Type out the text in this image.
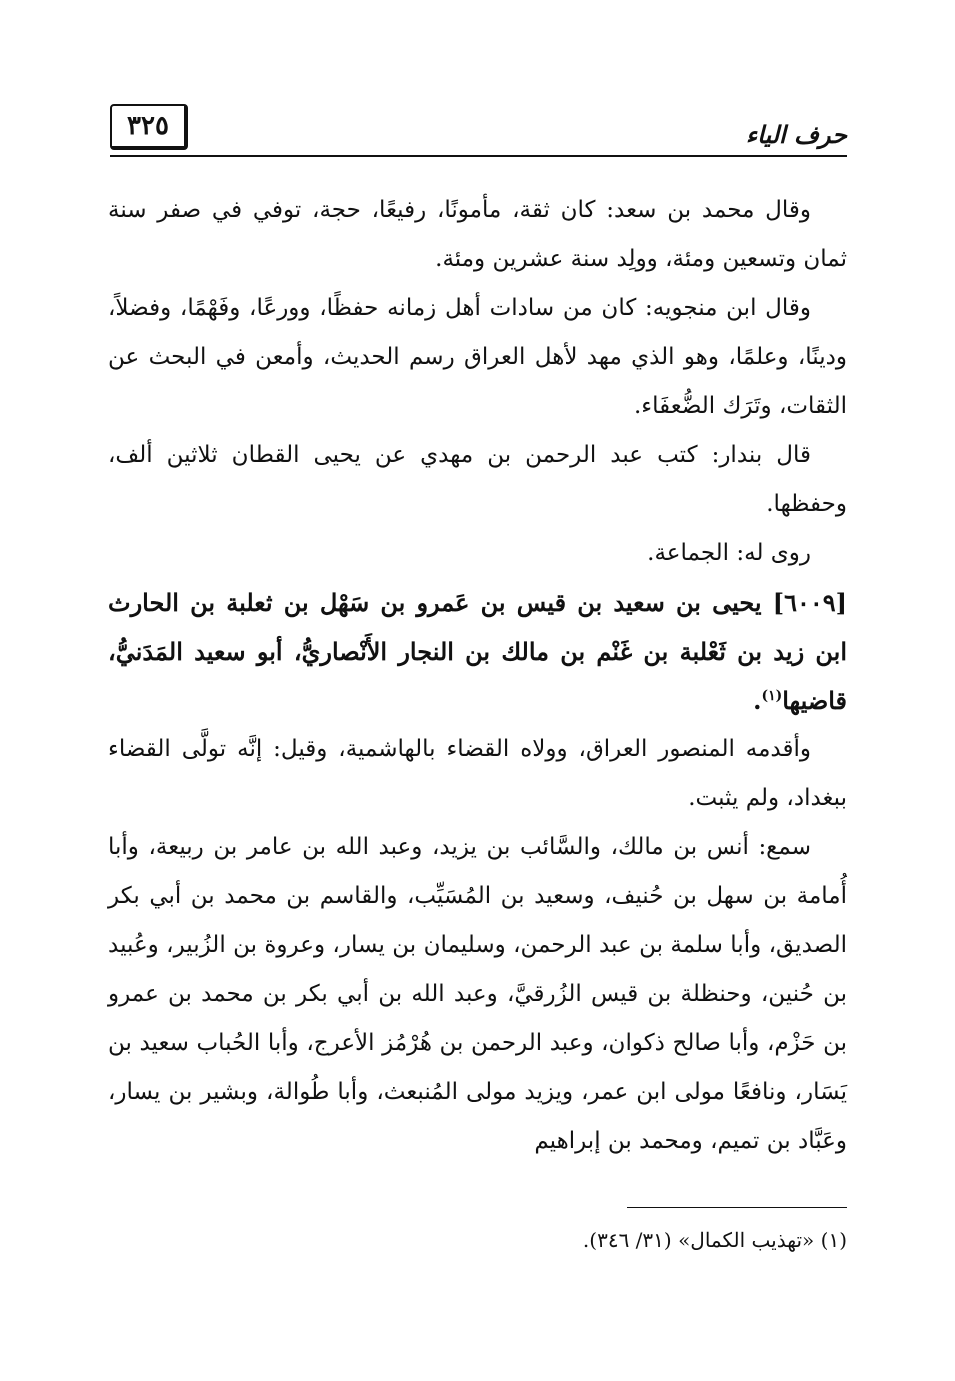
٣٢٥	حرف الياء

وقال محمد بن سعد: كان ثقة، مأمونًا، رفيعًا، حجة، توفي في صفر سنة ثمان وتسعين ومئة، وولِد سنة عشرين ومئة.

وقال ابن منجويه: كان من سادات أهل زمانه حفظًا، وورعًا، وفَهْمًا، وفضلاً، ودينًا، وعلمًا، وهو الذي مهد لأهل العراق رسم الحديث، وأمعن في البحث عن الثقات، وتَرَك الضُّعفَاء.

قال بندار: كتب عبد الرحمن بن مهدي عن يحيى القطان ثلاثين ألف، وحفظها.

روى له: الجماعة.

[٦٠٠٩] يحيى بن سعيد بن قيس بن عَمرو بن سَهْل بن ثعلبة بن الحارث ابن زيد بن ثَعْلبة بن غَنْم بن مالك بن النجار الأَنْصاريُّ، أبو سعيد المَدَنيُّ، قاضيها$^{(١)}$.

وأقدمه المنصور العراق، وولاه القضاء بالهاشمية، وقيل: إنَّه تولَّى القضاء ببغداد، ولم يثبت.

سمع: أنس بن مالك، والسَّائب بن يزيد، وعبد الله بن عامر بن ربيعة، وأبا أُمامة بن سهل بن حُنيف، وسعيد بن المُسَيِّب، والقاسم بن محمد بن أبي بكر الصديق، وأبا سلمة بن عبد الرحمن، وسليمان بن يسار، وعروة بن الزُبير، وعُبيد بن حُنين، وحنظلة بن قيس الزُرقيَّ، وعبد الله بن أبي بكر بن محمد بن عمرو بن حَزْم، وأبا صالح ذكوان، وعبد الرحمن بن هُرْمُز الأعرج، وأبا الحُباب سعيد بن يَسَار، ونافعًا مولى ابن عمر، ويزيد مولى المُنبعث، وأبا طُوالة، وبشير بن يسار، وعَبَّاد بن تميم، ومحمد بن إبراهيم

(١) «تهذيب الكمال» (٣١/ ٣٤٦).
